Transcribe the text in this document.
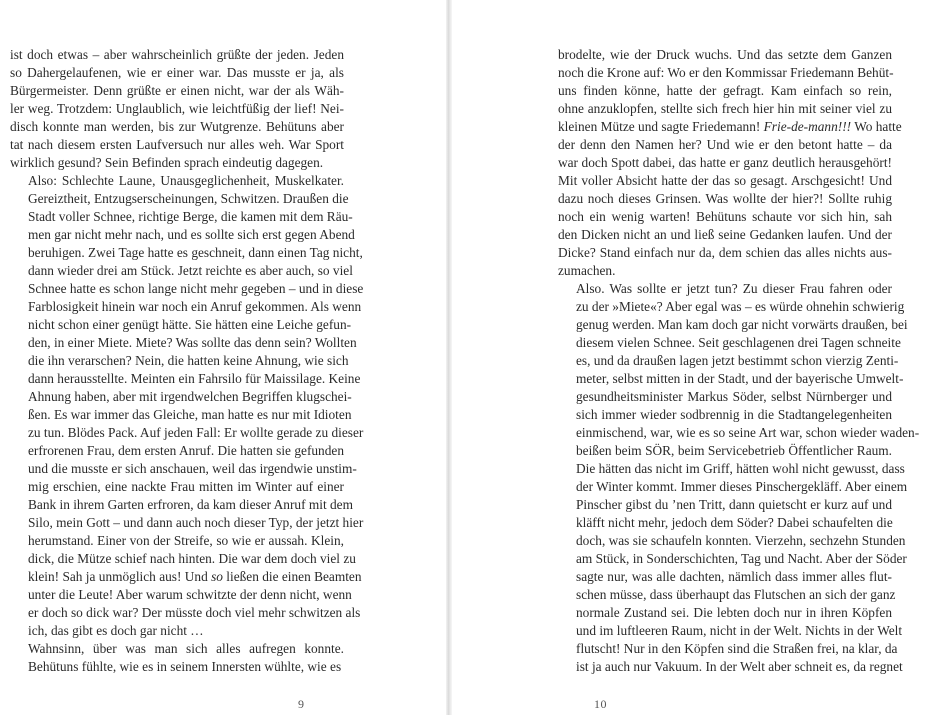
ist doch etwas – aber wahrscheinlich grüßte der jeden. Jeden
so Dahergelaufenen, wie er einer war. Das musste er ja, als
Bürgermeister. Denn grüßte er einen nicht, war der als Wäh-
ler weg. Trotzdem: Unglaublich, wie leichtfüßig der lief! Nei-
disch konnte man werden, bis zur Wutgrenze. Behütuns aber
tat nach diesem ersten Laufversuch nur alles weh. War Sport
wirklich gesund? Sein Befinden sprach eindeutig dagegen.

Also: Schlechte Laune, Unausgeglichenheit, Muskelkater.
Gereiztheit, Entzugserscheinungen, Schwitzen. Draußen die
Stadt voller Schnee, richtige Berge, die kamen mit dem Räu-
men gar nicht mehr nach, und es sollte sich erst gegen Abend
beruhigen. Zwei Tage hatte es geschneit, dann einen Tag nicht,
dann wieder drei am Stück. Jetzt reichte es aber auch, so viel
Schnee hatte es schon lange nicht mehr gegeben – und in diese
Farblosigkeit hinein war noch ein Anruf gekommen. Als wenn
nicht schon einer genügt hätte. Sie hätten eine Leiche gefun-
den, in einer Miete. Miete? Was sollte das denn sein? Wollten
die ihn verarschen? Nein, die hatten keine Ahnung, wie sich
dann herausstellte. Meinten ein Fahrsilo für Maissilage. Keine
Ahnung haben, aber mit irgendwelchen Begriffen klugschei-
ßen. Es war immer das Gleiche, man hatte es nur mit Idioten
zu tun. Blödes Pack. Auf jeden Fall: Er wollte gerade zu dieser
erfrorenen Frau, dem ersten Anruf. Die hatten sie gefunden
und die musste er sich anschauen, weil das irgendwie unstim-
mig erschien, eine nackte Frau mitten im Winter auf einer
Bank in ihrem Garten erfroren, da kam dieser Anruf mit dem
Silo, mein Gott – und dann auch noch dieser Typ, der jetzt hier
herumstand. Einer von der Streife, so wie er aussah. Klein,
dick, die Mütze schief nach hinten. Die war dem doch viel zu
klein! Sah ja unmöglich aus! Und so ließen die einen Beamten
unter die Leute! Aber warum schwitzte der denn nicht, wenn
er doch so dick war? Der müsste doch viel mehr schwitzen als
ich, das gibt es doch gar nicht …

Wahnsinn, über was man sich alles aufregen konnte.
Behütuns fühlte, wie es in seinem Innersten wühlte, wie es

9

brodelte, wie der Druck wuchs. Und das setzte dem Ganzen
noch die Krone auf: Wo er den Kommissar Friedemann Behüt-
uns finden könne, hatte der gefragt. Kam einfach so rein,
ohne anzuklopfen, stellte sich frech hier hin mit seiner viel zu
kleinen Mütze und sagte Friedemann! Frie-de-mann!!! Wo hatte
der denn den Namen her? Und wie er den betont hatte – da
war doch Spott dabei, das hatte er ganz deutlich herausgehört!
Mit voller Absicht hatte der das so gesagt. Arschgesicht! Und
dazu noch dieses Grinsen. Was wollte der hier?! Sollte ruhig
noch ein wenig warten! Behütuns schaute vor sich hin, sah
den Dicken nicht an und ließ seine Gedanken laufen. Und der
Dicke? Stand einfach nur da, dem schien das alles nichts aus-
zumachen.

Also. Was sollte er jetzt tun? Zu dieser Frau fahren oder
zu der »Miete«? Aber egal was – es würde ohnehin schwierig
genug werden. Man kam doch gar nicht vorwärts draußen, bei
diesem vielen Schnee. Seit geschlagenen drei Tagen schneite
es, und da draußen lagen jetzt bestimmt schon vierzig Zenti-
meter, selbst mitten in der Stadt, und der bayerische Umwelt-
gesundheitsminister Markus Söder, selbst Nürnberger und
sich immer wieder sodbrennig in die Stadtangelegenheiten
einmischend, war, wie es so seine Art war, schon wieder waden-
beißen beim SÖR, beim Servicebetrieb Öffentlicher Raum.
Die hätten das nicht im Griff, hätten wohl nicht gewusst, dass
der Winter kommt. Immer dieses Pinschergekläff. Aber einem
Pinscher gibst du ’nen Tritt, dann quietscht er kurz auf und
kläfft nicht mehr, jedoch dem Söder? Dabei schaufelten die
doch, was sie schaufeln konnten. Vierzehn, sechzehn Stunden
am Stück, in Sonderschichten, Tag und Nacht. Aber der Söder
sagte nur, was alle dachten, nämlich dass immer alles flut-
schen müsse, dass überhaupt das Flutschen an sich der ganz
normale Zustand sei. Die lebten doch nur in ihren Köpfen
und im luftleeren Raum, nicht in der Welt. Nichts in der Welt
flutscht! Nur in den Köpfen sind die Straßen frei, na klar, da
ist ja auch nur Vakuum. In der Welt aber schneit es, da regnet

10
